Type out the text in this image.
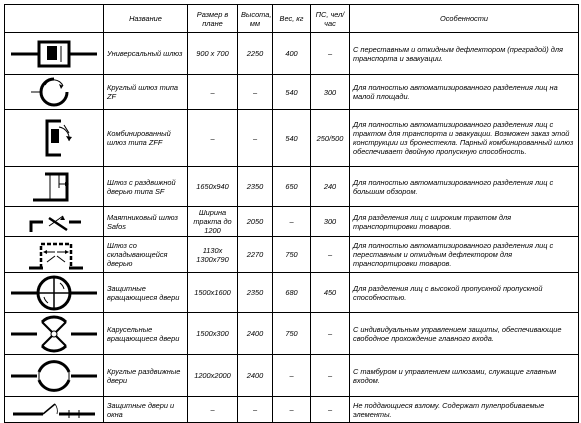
	Название	Размер в плане	Высота, мм	Вес, кг	ПС, чел/час	Особенности

	Универсальный шлюз	900 x 700	2250	400	–	С переставным и откидным дефлектором (преградой) для транспорта и эвакуации.

	Круглый шлюз типа ZF	–	–	540	300	Для полностью автоматизированного разделения лиц на малой площади.

	Комбинированный шлюз типа ZFF	–	–	540	250/500	Для полностью автоматизированного разделения лиц с трактом для транспорта и эвакуации. Возможен заказ этой конструкции из бронестекла. Парный комбинированный шлюз обеспечивает двойную пропускную способность.

	Шлюз с раздвижной дверью типа SF	1650x940	2350	650	240	Для полностью автоматизированного разделения лиц с большим обзором.

	Маятниковый шлюз Safos	Ширина тракта до 1200	2050	–	300	Для разделения лиц с широким трактом для транспортировки товаров.

	Шлюз со складывающейся дверью	1130x 1300x790	2270	750	–	Для полностью автоматизированного разделения лиц с переставным и откидным дефлектором для транспортировки товаров.

	Защитные вращающиеся двери	1500x1600	2350	680	450	Для разделения лиц с высокой пропускной пропускной способностью.

	Карусельные вращающиеся двери	1500x300	2400	750	–	С индивидуальным управлением защиты, обеспечивающие свободное прохождение главного входа.

	Круглые раздвижные двери	1200x2000	2400	–	–	С тамбуром и управлением шлюзами, служащие главным входом.

	Защитные двери и окна	–	–	–	–	Не поддающиеся взлому. Содержат пулепробиваемые элементы.
